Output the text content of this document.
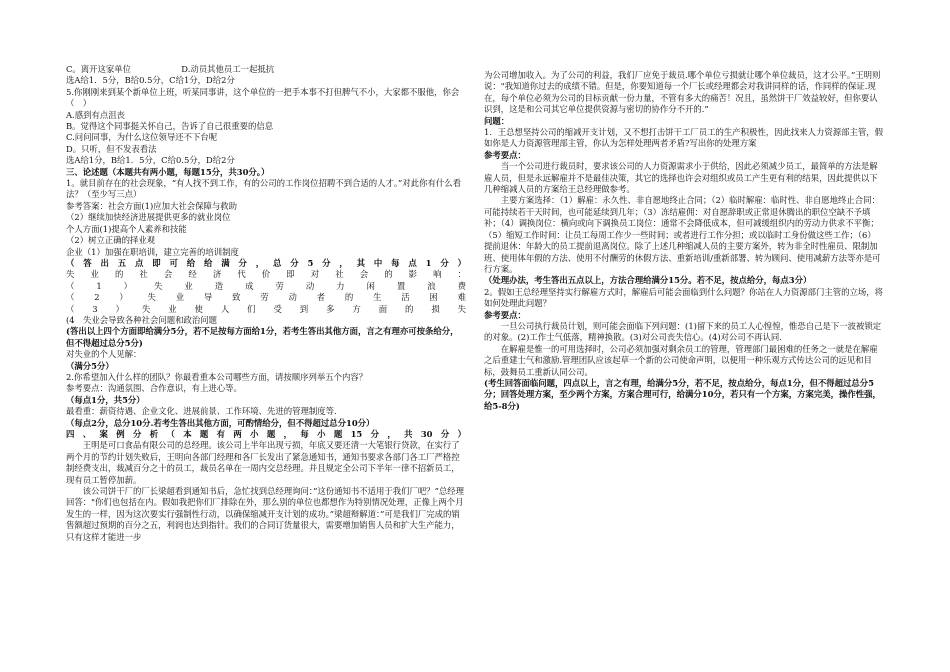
C。离开这家单位　　　　　　D.动员其他员工一起抵抗

选A给1．5分，B给0.5分，C给1分，D给2分

5.你刚刚来到某个新单位上班，听某同事讲，这个单位的一把手本事不打但脾气不小，大家都不服他，你会（　）

A.感到有点沮丧

B。觉得这个同事挺关怀自己，告诉了自己很重要的信息

C.问问同事，为什么这位领导还不下台呢

D。只听，但不发表看法

选A给1分，B给1．5分，C给0.5分，D给2分

三、论述题（本题共有两小题，每题15分，共30分。）

1。就目前存在的社会现象，“有人找不到工作，有的公司的工作岗位招聘不到合适的人才。”对此你有什么看法？（至少写三点）

参考答案：社会方面(1)应加大社会保障与救助

（2）继续加快经济进展提供更多的就业岗位

个人方面(1)提高个人素养和技能

（2）树立正确的择业观

企业（1）加强在职培训，建立完善的培训制度

（答出五点即可给给满分，总分5分，其中每点1分）

失业的社会经济代价即对社会的影响：

（1）失业造成劳动力闲置浪费

（2）失业导致劳动者的生活困难

（3）失业使人们受到多方面的损失

(4　失业会导致各种社会问题和政治问题

(答出以上四个方面即给满分5分，若不足按每方面给1分，若考生答出其他方面，言之有理亦可按条给分，但不得超过总分5分)

对失业的个人见解：

（满分5分）

2.你希望加入什么样的团队？你最看重本公司哪些方面，请按顺序列举五个内容？

参考要点：沟通氛围、合作意识，有上进心等。

（每点1分，共5分）

最看重：薪资待遇、企业文化、进展前景、工作环境、先进的管理制度等.

（每点2分，总分10分.若考生答出其他方面，可酌情给分，但不得超过总分10分）

四、案例分析（本题有两小题，每小题15分，共30分）

王明是可口食品有限公司的总经理。该公司上半年出现亏损，年底又要还清一大笔银行贷款，在实行了两个月的节约计划失败后，王明向各部门经理和各厂长发出了紧急通知书，通知书要求各部门各工厂严格控制经费支出，裁减百分之十的员工，裁员名单在一周内交总经理。并且规定全公司下半年一律不招新员工，现有员工暂停加薪。

该公司饼干厂的厂长梁超看到通知书后，急忙找到总经理询问：”这份通知书不适用于我们厂吧？”总经理回答："你们也包括在内。假如我把你们厂排除在外，那么别的单位也都想作为特别情况处理，正像上两个月发生的一样，因为这次要实行强制性行动，以确保缩减开支计划的成功。”梁超辩解道：”可是我们厂完成的销售额超过预期的百分之五，利润也达到指针。我们的合同订货量很大，需要增加销售人员和扩大生产能力，只有这样才能进一步

为公司增加收入。为了公司的利益，我们厂应免于裁员.哪个单位亏损就让哪个单位裁员，这才公平。”王明则说："我知道你过去的成绩不错。但是，你要知道每一个厂长或经理都会对我讲同样的话，作同样的保证.现在，每个单位必须为公司的目标贡献一份力量，不管有多大的痛苦！况且，虽然饼干厂效益较好，但你要认识到，这是和公司其它单位提供资源与密切的协作分不开的.”

问题：

1．王总想坚持公司的缩减开支计划，又不想打击饼干工厂员工的生产积极性，因此找来人力资源部主管，假如你是人力资源管理部主管，你认为怎样处理两者矛盾?写出你的处理方案

参考要点：

当一个公司进行裁员时，要求该公司的人力资源需求小于供给，因此必须减少员工，最简单的方法是解雇人员，但是永远解雇并不是最佳决策，其它的选择也许会对组织或员工产生更有利的结果，因此提供以下几种缩减人员的方案给王总经理做参考。

主要方案选择：（1）解雇：永久性、非自愿地终止合同；（2）临时解雇：临时性、非自愿地终止合同：可能持续若干天时间，也可能延续到几年；（3）冻结雇佣：对自愿辞职或正常退休腾出的职位空缺不予填补；（4）调换岗位：横向或向下调换员工岗位：通常不会降低成本，但可减缓组织内的劳动力供求不平衡；（5）缩短工作时间：让员工每周工作少一些时间；或者进行工作分担；或以临时工身份做这些工作；（6）提前退休：年龄大的员工提前退离岗位。除了上述几种缩减人员的主要方案外，转为非全时性雇员、限制加班、使用体年假的方法、使用不付酬劳的休假方法、重新培训/重新部署、转为顾问、使用减薪方法等亦是可行方案。

（处理办法，考生答出五点以上，方法合理给满分15分。若不足，按点给分，每点3分）

2。假如王总经理坚持实行解雇方式时，解雇后可能会面临到什么问题？你站在人力资源部门主管的立场，将如何处理此问题？

参考要点：

一旦公司执行裁员计划，则可能会面临下列问题：(1)留下来的员工人心惶惶，惟恐自己是下一波被锁定的对象。(2)工作士气低落，精神换散。(3)对公司丧失信心。(4)对公司不再认同.

在解雇是惟一的可用选择时，公司必须加强对剩余员工的管理，管理部门最困难的任务之一就是在解雇之后重建士气和激励.管理团队应该起草一个新的公司使命声明，以便用一种乐观方式传达公司的远见和目标，鼓舞员工重新认同公司。

(考生回答面临问题，四点以上，言之有理，给满分5分，若不足，按点给分，每点1分，但不得超过总分5分；回答处理方案，至少两个方案，方案合理可行，给满分10分，若只有一个方案，方案完美，操作性强，给5-8分)
